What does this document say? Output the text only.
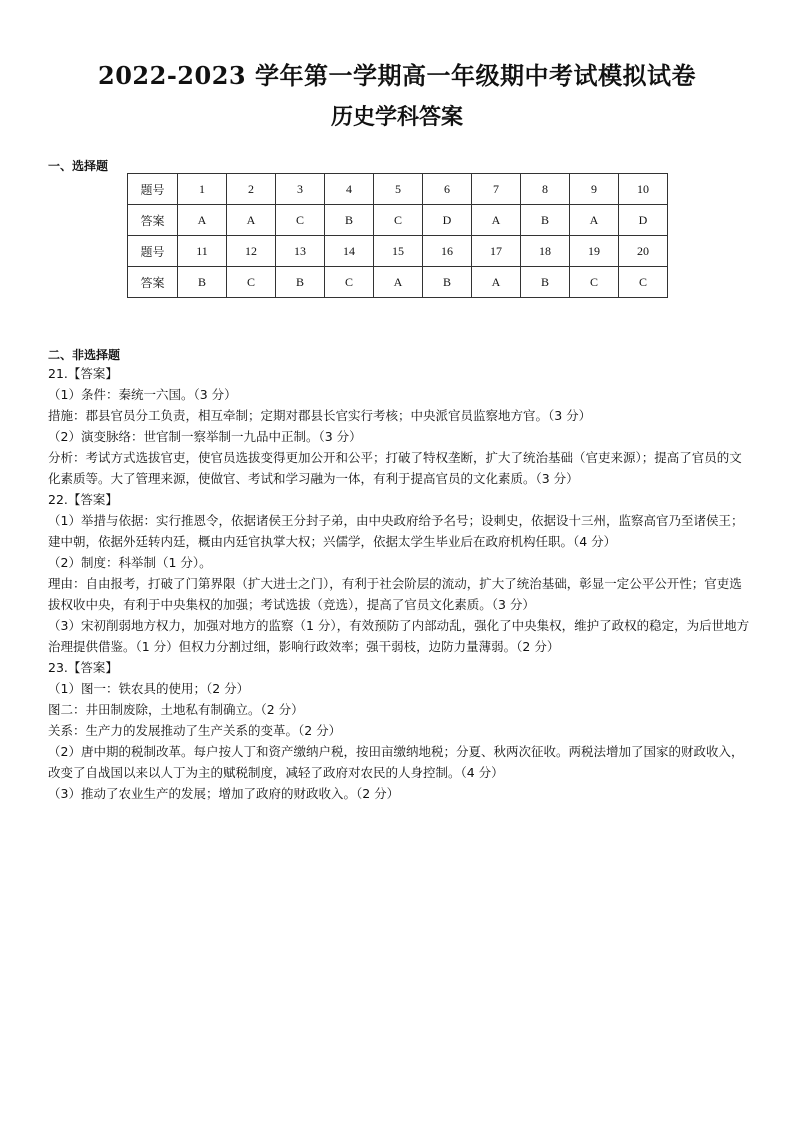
2022-2023 学年第一学期高一年级期中考试模拟试卷
历史学科答案

一、选择题

题号	1	2	3	4	5	6	7	8	9	10
答案	A	A	C	B	C	D	A	B	A	D
题号	11	12	13	14	15	16	17	18	19	20
答案	B	C	B	C	A	B	A	B	C	C

二、非选择题

21.【答案】

（1）条件：秦统一六国。（3 分）

措施：郡县官员分工负责，相互牵制；定期对郡县长官实行考核；中央派官员监察地方官。（3 分）

（2）演变脉络：世官制一察举制一九品中正制。（3 分）

分析：考试方式选拔官吏，使官员选拔变得更加公开和公平；打破了特权垄断，扩大了统治基础（官吏来源）；提高了官员的文化素质等。大了管理来源，使做官、考试和学习融为一体，有利于提高官员的文化素质。（3 分）

22.【答案】

（1）举措与依据：实行推恩令，依据诸侯王分封子弟，由中央政府给予名号；设刺史，依据设十三州，监察高官乃至诸侯王；建中朝，依据外廷转内廷，概由内廷官执掌大权；兴儒学，依据太学生毕业后在政府机构任职。（4 分）

（2）制度：科举制（1 分）。

理由：自由报考，打破了门第界限（扩大进士之门），有利于社会阶层的流动，扩大了统治基础，彰显一定公平公开性；官吏选拔权收中央，有利于中央集权的加强；考试选拔（竞选），提高了官员文化素质。（3 分）

（3）宋初削弱地方权力，加强对地方的监察（1 分），有效预防了内部动乱，强化了中央集权，维护了政权的稳定，为后世地方治理提供借鉴。（1 分）但权力分割过细，影响行政效率；强干弱枝，边防力量薄弱。（2 分）

23.【答案】

（1）图一：铁农具的使用；（2 分）

图二：井田制废除，土地私有制确立。（2 分）

关系：生产力的发展推动了生产关系的变革。（2 分）

（2）唐中期的税制改革。每户按人丁和资产缴纳户税，按田亩缴纳地税；分夏、秋两次征收。两税法增加了国家的财政收入，改变了自战国以来以人丁为主的赋税制度，减轻了政府对农民的人身控制。（4 分）

（3）推动了农业生产的发展；增加了政府的财政收入。（2 分）
